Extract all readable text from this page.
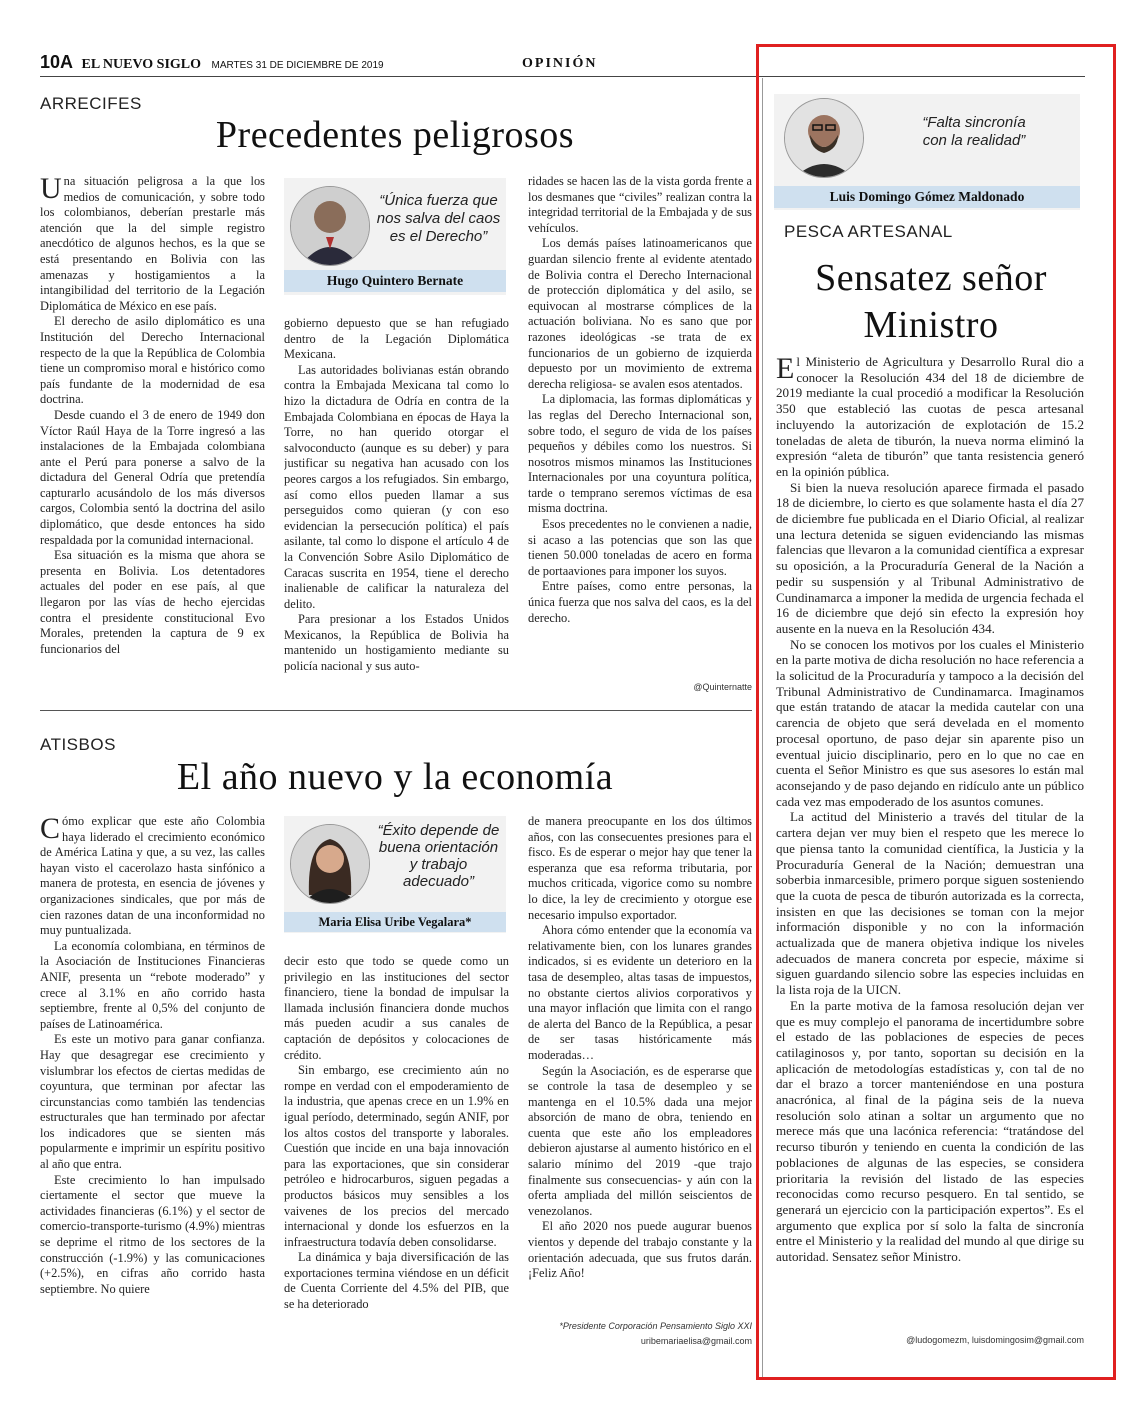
10A EL NUEVO SIGLO MARTES 31 DE DICIEMBRE DE 2019	OPINIÓN
ARRECIFES
Precedentes peligrosos

Una situación peligrosa a la que los medios de comunicación, y sobre todo los colombianos, deberían prestarle más atención que la del simple registro anecdótico de algunos hechos, es la que se está presentando en Bolivia con las amenazas y hostigamientos a la intangibilidad del territorio de la Legación Diplomática de México en ese país.

El derecho de asilo diplomático es una Institución del Derecho Internacional respecto de la que la República de Colombia tiene un compromiso moral e histórico como país fundante de la modernidad de esa doctrina.

Desde cuando el 3 de enero de 1949 don Víctor Raúl Haya de la Torre ingresó a las instalaciones de la Embajada colombiana ante el Perú para ponerse a salvo de la dictadura del General Odría que pretendía capturarlo acusándolo de los más diversos cargos, Colombia sentó la doctrina del asilo diplomático, que desde entonces ha sido respaldada por la comunidad internacional.

Esa situación es la misma que ahora se presenta en Bolivia. Los detentadores actuales del poder en ese país, al que llegaron por las vías de hecho ejercidas contra el presidente constitucional Evo Morales, pretenden la captura de 9 ex funcionarios del

“Única fuerza que nos salva del caos es el Derecho”
Hugo Quintero Bernate

gobierno depuesto que se han refugiado dentro de la Legación Diplomática Mexicana.

Las autoridades bolivianas están obrando contra la Embajada Mexicana tal como lo hizo la dictadura de Odría en contra de la Embajada Colombiana en épocas de Haya la Torre, no han querido otorgar el salvoconducto (aunque es su deber) y para justificar su negativa han acusado con los peores cargos a los refugiados. Sin embargo, así como ellos pueden llamar a sus perseguidos como quieran (y con eso evidencian la persecución política) el país asilante, tal como lo dispone el artículo 4 de la Convención Sobre Asilo Diplomático de Caracas suscrita en 1954, tiene el derecho inalienable de calificar la naturaleza del delito.

Para presionar a los Estados Unidos Mexicanos, la República de Bolivia ha mantenido un hostigamiento mediante su policía nacional y sus auto-

ridades se hacen las de la vista gorda frente a los desmanes que “civiles” realizan contra la integridad territorial de la Embajada y de sus vehículos.

Los demás países latinoamericanos que guardan silencio frente al evidente atentado de Bolivia contra el Derecho Internacional de protección diplomática y del asilo, se equivocan al mostrarse cómplices de la actuación boliviana. No es sano que por razones ideológicas -se trata de ex funcionarios de un gobierno de izquierda depuesto por un movimiento de extrema derecha religiosa- se avalen esos atentados.

La diplomacia, las formas diplomáticas y las reglas del Derecho Internacional son, sobre todo, el seguro de vida de los países pequeños y débiles como los nuestros. Si nosotros mismos minamos las Instituciones Internacionales por una coyuntura política, tarde o temprano seremos víctimas de esa misma doctrina.

Esos precedentes no le convienen a nadie, si acaso a las potencias que son las que tienen 50.000 toneladas de acero en forma de portaaviones para imponer los suyos.

Entre países, como entre personas, la única fuerza que nos salva del caos, es la del derecho.

@Quinternatte
ATISBOS
El año nuevo y la economía

Cómo explicar que este año Colombia haya liderado el crecimiento económico de América Latina y que, a su vez, las calles hayan visto el cacerolazo hasta sinfónico a manera de protesta, en esencia de jóvenes y organizaciones sindicales, que por más de cien razones datan de una inconformidad no muy puntualizada.

La economía colombiana, en términos de la Asociación de Instituciones Financieras ANIF, presenta un “rebote moderado” y crece al 3.1% en año corrido hasta septiembre, frente al 0,5% del conjunto de países de Latinoamérica.

Es este un motivo para ganar confianza. Hay que desagregar ese crecimiento y vislumbrar los efectos de ciertas medidas de coyuntura, que terminan por afectar las circunstancias como también las tendencias estructurales que han terminado por afectar los indicadores que se sienten más popularmente e imprimir un espíritu positivo al año que entra.

Este crecimiento lo han impulsado ciertamente el sector que mueve la actividades financieras (6.1%) y el sector de comercio-transporte-turismo (4.9%) mientras se deprime el ritmo de los sectores de la construcción (-1.9%) y las comunicaciones (+2.5%), en cifras año corrido hasta septiembre. No quiere

“Éxito depende de buena orientación y trabajo adecuado”
Maria Elisa Uribe Vegalara*

decir esto que todo se quede como un privilegio en las instituciones del sector financiero, tiene la bondad de impulsar la llamada inclusión financiera donde muchos más pueden acudir a sus canales de captación de depósitos y colocaciones de crédito.

Sin embargo, ese crecimiento aún no rompe en verdad con el empoderamiento de la industria, que apenas crece en un 1.9% en igual período, determinado, según ANIF, por los altos costos del transporte y laborales. Cuestión que incide en una baja innovación para las exportaciones, que sin considerar petróleo e hidrocarburos, siguen pegadas a productos básicos muy sensibles a los vaivenes de los precios del mercado internacional y donde los esfuerzos en la infraestructura todavía deben consolidarse.

La dinámica y baja diversificación de las exportaciones termina viéndose en un déficit de Cuenta Corriente del 4.5% del PIB, que se ha deteriorado

de manera preocupante en los dos últimos años, con las consecuentes presiones para el fisco. Es de esperar o mejor hay que tener la esperanza que esa reforma tributaria, por muchos criticada, vigorice como su nombre lo dice, la ley de crecimiento y otorgue ese necesario impulso exportador.

Ahora cómo entender que la economía va relativamente bien, con los lunares grandes indicados, si es evidente un deterioro en la tasa de desempleo, altas tasas de impuestos, no obstante ciertos alivios corporativos y una mayor inflación que limita con el rango de alerta del Banco de la República, a pesar de ser tasas históricamente más moderadas…

Según la Asociación, es de esperarse que se controle la tasa de desempleo y se mantenga en el 10.5% dada una mejor absorción de mano de obra, teniendo en cuenta que este año los empleadores debieron ajustarse al aumento histórico en el salario mínimo del 2019 -que trajo finalmente sus consecuencias- y aún con la oferta ampliada del millón seiscientos de venezolanos.

El año 2020 nos puede augurar buenos vientos y depende del trabajo constante y la orientación adecuada, que sus frutos darán. ¡Feliz Año!

*Presidente Corporación Pensamiento Siglo XXI
uribemariaelisa@gmail.com
“Falta sincronía con la realidad”
Luis Domingo Gómez Maldonado
PESCA ARTESANAL
Sensatez señor Ministro

El Ministerio de Agricultura y Desarrollo Rural dio a conocer la Resolución 434 del 18 de diciembre de 2019 mediante la cual procedió a modificar la Resolución 350 que estableció las cuotas de pesca artesanal incluyendo la autorización de explotación de 15.2 toneladas de aleta de tiburón, la nueva norma eliminó la expresión “aleta de tiburón” que tanta resistencia generó en la opinión pública.

Si bien la nueva resolución aparece firmada el pasado 18 de diciembre, lo cierto es que solamente hasta el día 27 de diciembre fue publicada en el Diario Oficial, al realizar una lectura detenida se siguen evidenciando las mismas falencias que llevaron a la comunidad científica a expresar su oposición, a la Procuraduría General de la Nación a pedir su suspensión y al Tribunal Administrativo de Cundinamarca a imponer la medida de urgencia fechada el 16 de diciembre que dejó sin efecto la expresión hoy ausente en la nueva en la Resolución 434.

No se conocen los motivos por los cuales el Ministerio en la parte motiva de dicha resolución no hace referencia a la solicitud de la Procuraduría y tampoco a la decisión del Tribunal Administrativo de Cundinamarca. Imaginamos que están tratando de atacar la medida cautelar con una carencia de objeto que será develada en el momento procesal oportuno, de paso dejar sin aparente piso un eventual juicio disciplinario, pero en lo que no cae en cuenta el Señor Ministro es que sus asesores lo están mal aconsejando y de paso dejando en ridículo ante un público cada vez mas empoderado de los asuntos comunes.

La actitud del Ministerio a través del titular de la cartera dejan ver muy bien el respeto que les merece lo que piensa tanto la comunidad científica, la Justicia y la Procuraduría General de la Nación; demuestran una soberbia inmarcesible, primero porque siguen sosteniendo que la cuota de pesca de tiburón autorizada es la correcta, insisten en que las decisiones se toman con la mejor información disponible y no con la información actualizada que de manera objetiva indique los niveles adecuados de manera concreta por especie, máxime si siguen guardando silencio sobre las especies incluidas en la lista roja de la UICN.

En la parte motiva de la famosa resolución dejan ver que es muy complejo el panorama de incertidumbre sobre el estado de las poblaciones de especies de peces catilaginosos y, por tanto, soportan su decisión en la aplicación de metodologías estadísticas y, con tal de no dar el brazo a torcer manteniéndose en una postura anacrónica, al final de la página seis de la nueva resolución solo atinan a soltar un argumento que no merece más que una lacónica referencia: “tratándose del recurso tiburón y teniendo en cuenta la condición de las poblaciones de algunas de las especies, se considera prioritaria la revisión del listado de las especies reconocidas como recurso pesquero. En tal sentido, se generará un ejercicio con la participación expertos”. Es el argumento que explica por sí solo la falta de sincronía entre el Ministerio y la realidad del mundo al que dirige su autoridad. Sensatez señor Ministro.

@ludogomezm, luisdomingosim@gmail.com
